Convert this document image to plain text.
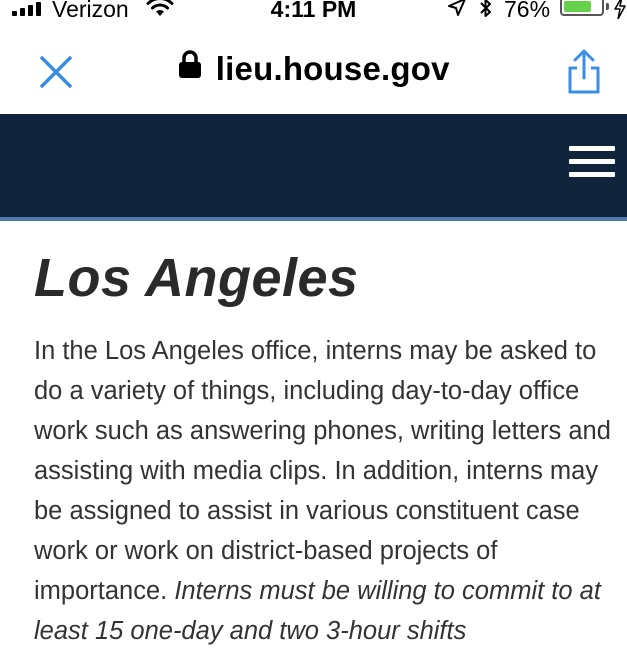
Verizon	4:11 PM	76%
lieu.house.gov
Los Angeles

In the Los Angeles office, interns may be asked to do a variety of things, including day-to-day office work such as answering phones, writing letters and assisting with media clips. In addition, interns may be assigned to assist in various constituent case work or work on district-based projects of importance. Interns must be willing to commit to at least 15 one-day and two 3-hour shifts
